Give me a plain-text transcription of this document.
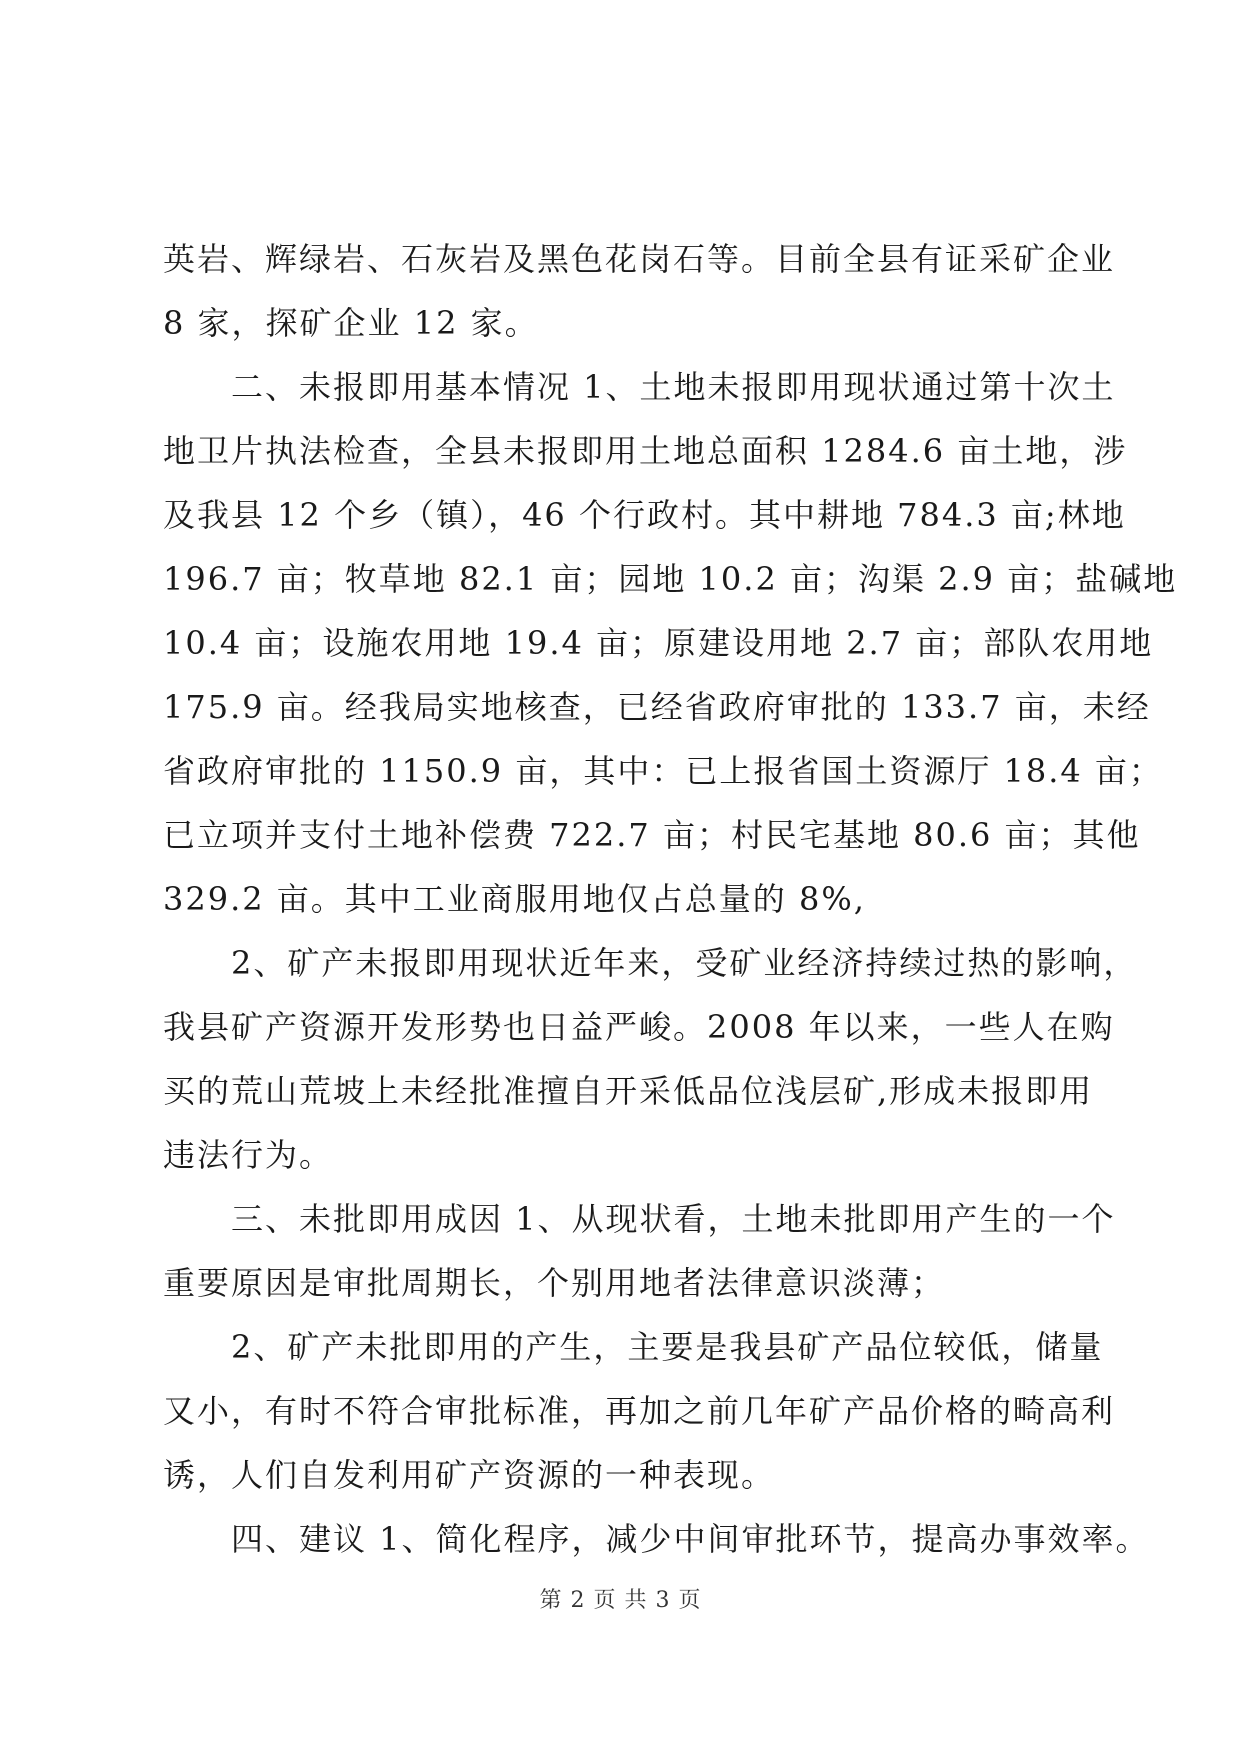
英岩、辉绿岩、石灰岩及黑色花岗石等。目前全县有证采矿企业
8 家，探矿企业 12 家。
二、未报即用基本情况 1、土地未报即用现状通过第十次土
地卫片执法检查，全县未报即用土地总面积 1284.6 亩土地，涉
及我县 12 个乡（镇），46 个行政村。其中耕地 784.3 亩;林地
196.7 亩；牧草地 82.1 亩；园地 10.2 亩；沟渠 2.9 亩；盐碱地
10.4 亩；设施农用地 19.4 亩；原建设用地 2.7 亩；部队农用地
175.9 亩。经我局实地核查，已经省政府审批的 133.7 亩，未经
省政府审批的 1150.9 亩，其中：已上报省国土资源厅 18.4 亩；
已立项并支付土地补偿费 722.7 亩；村民宅基地 80.6 亩；其他
329.2 亩。其中工业商服用地仅占总量的 8%,
2、矿产未报即用现状近年来，受矿业经济持续过热的影响，
我县矿产资源开发形势也日益严峻。2008 年以来，一些人在购
买的荒山荒坡上未经批准擅自开采低品位浅层矿,形成未报即用
违法行为。
三、未批即用成因 1、从现状看，土地未批即用产生的一个
重要原因是审批周期长，个别用地者法律意识淡薄；
2、矿产未批即用的产生，主要是我县矿产品位较低，储量
又小，有时不符合审批标准，再加之前几年矿产品价格的畸高利
诱，人们自发利用矿产资源的一种表现。
四、建议 1、简化程序，减少中间审批环节，提高办事效率。
第 2 页 共 3 页
